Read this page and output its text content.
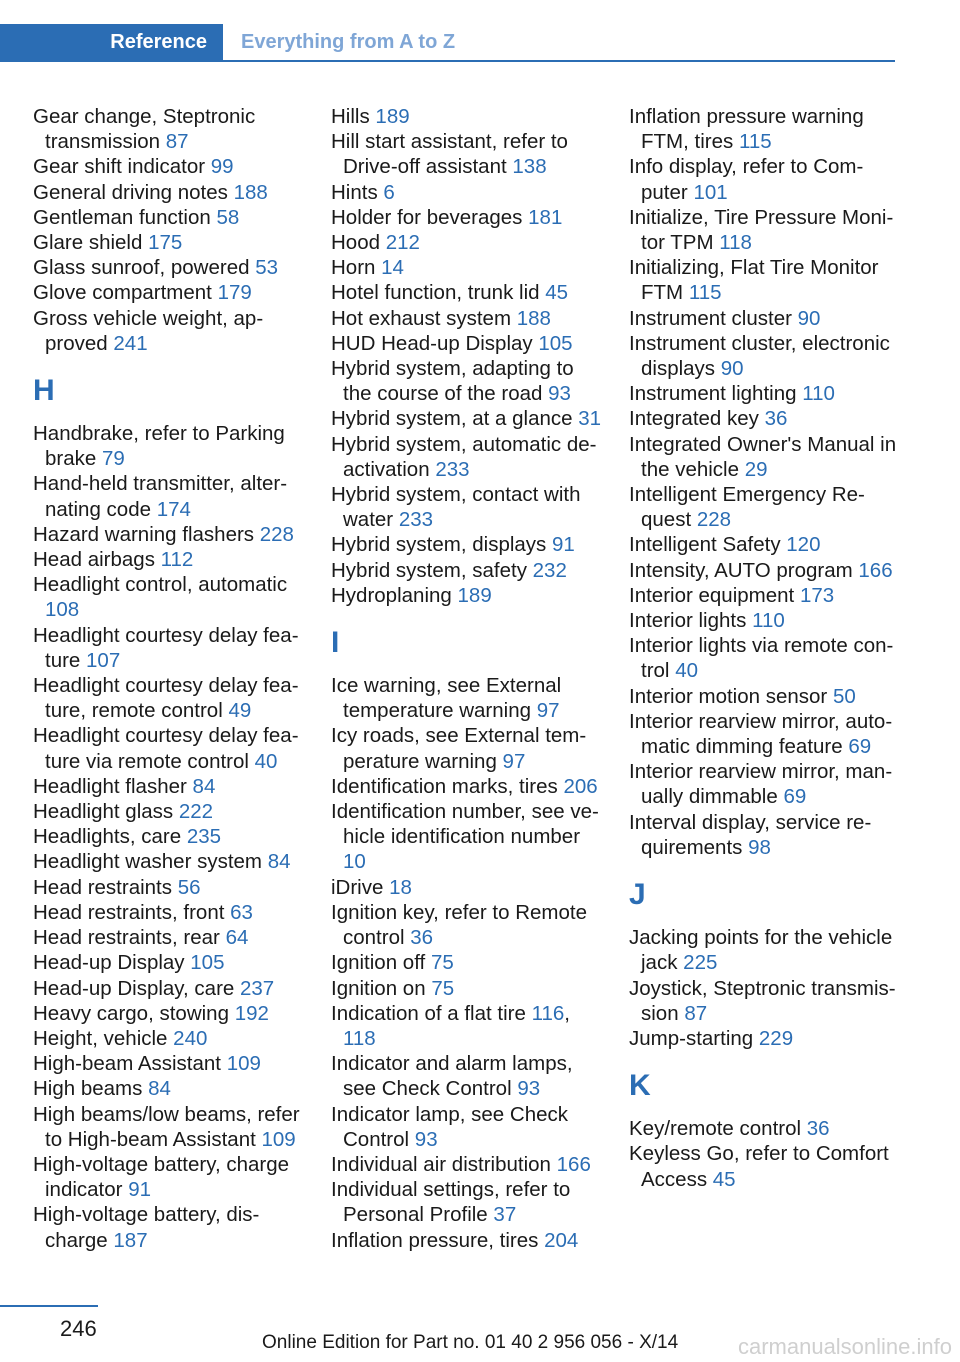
Reference	Everything from A to Z
Gear change, Steptronic transmission 87
Gear shift indicator 99
General driving notes 188
Gentleman function 58
Glare shield 175
Glass sunroof, powered 53
Glove compartment 179
Gross vehicle weight, approved 241
H
Handbrake, refer to Parking brake 79
Hand-held transmitter, alternating code 174
Hazard warning flashers 228
Head airbags 112
Headlight control, automatic 108
Headlight courtesy delay feature 107
Headlight courtesy delay feature, remote control 49
Headlight courtesy delay feature via remote control 40
Headlight flasher 84
Headlight glass 222
Headlights, care 235
Headlight washer system 84
Head restraints 56
Head restraints, front 63
Head restraints, rear 64
Head-up Display 105
Head-up Display, care 237
Heavy cargo, stowing 192
Height, vehicle 240
High-beam Assistant 109
High beams 84
High beams/low beams, refer to High-beam Assistant 109
High-voltage battery, charge indicator 91
High-voltage battery, discharge 187
Hills 189
Hill start assistant, refer to Drive-off assistant 138
Hints 6
Holder for beverages 181
Hood 212
Horn 14
Hotel function, trunk lid 45
Hot exhaust system 188
HUD Head-up Display 105
Hybrid system, adapting to the course of the road 93
Hybrid system, at a glance 31
Hybrid system, automatic deactivation 233
Hybrid system, contact with water 233
Hybrid system, displays 91
Hybrid system, safety 232
Hydroplaning 189
I
Ice warning, see External temperature warning 97
Icy roads, see External temperature warning 97
Identification marks, tires 206
Identification number, see vehicle identification number 10
iDrive 18
Ignition key, refer to Remote control 36
Ignition off 75
Ignition on 75
Indication of a flat tire 116, 118
Indicator and alarm lamps, see Check Control 93
Indicator lamp, see Check Control 93
Individual air distribution 166
Individual settings, refer to Personal Profile 37
Inflation pressure, tires 204
Inflation pressure warning FTM, tires 115
Info display, refer to Computer 101
Initialize, Tire Pressure Monitor TPM 118
Initializing, Flat Tire Monitor FTM 115
Instrument cluster 90
Instrument cluster, electronic displays 90
Instrument lighting 110
Integrated key 36
Integrated Owner's Manual in the vehicle 29
Intelligent Emergency Request 228
Intelligent Safety 120
Intensity, AUTO program 166
Interior equipment 173
Interior lights 110
Interior lights via remote control 40
Interior motion sensor 50
Interior rearview mirror, automatic dimming feature 69
Interior rearview mirror, manually dimmable 69
Interval display, service requirements 98
J
Jacking points for the vehicle jack 225
Joystick, Steptronic transmission 87
Jump-starting 229
K
Key/remote control 36
Keyless Go, refer to Comfort Access 45
246
Online Edition for Part no. 01 40 2 956 056 - X/14	carmanualsonline.info
